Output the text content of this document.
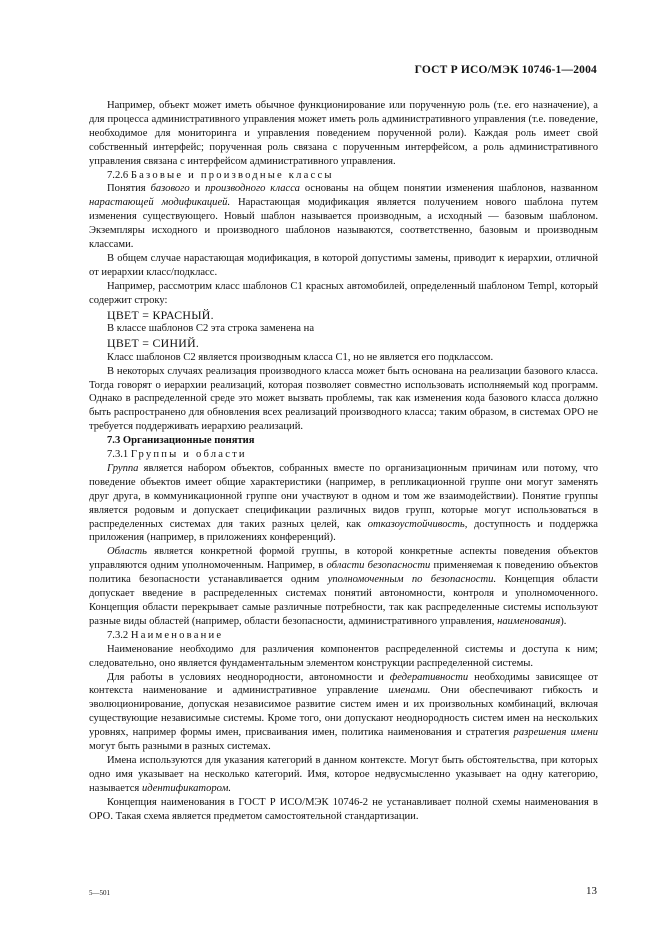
ГОСТ Р ИСО/МЭК 10746-1—2004

Например, объект может иметь обычное функционирование или порученную роль (т.е. его назначение), а для процесса административного управления может иметь роль административного управления (т.е. поведение, необходимое для мониторинга и управления поведением порученной роли). Каждая роль имеет свой собственный интерфейс; порученная роль связана с порученным интерфейсом, а роль административного управления связана с интерфейсом административного управления.

7.2.6 Базовые и производные классы

Понятия базового и производного класса основаны на общем понятии изменения шаблонов, названном нарастающей модификацией. Нарастающая модификация является получением нового шаблона путем изменения существующего. Новый шаблон называется производным, а исходный — базовым шаблоном. Экземпляры исходного и производного шаблонов называются, соответственно, базовым и производным классами.

В общем случае нарастающая модификация, в которой допустимы замены, приводит к иерархии, отличной от иерархии класс/подкласс.

Например, рассмотрим класс шаблонов С1 красных автомобилей, определенный шаблоном Templ, который содержит строку:

ЦВЕТ = КРАСНЫЙ.

В классе шаблонов С2 эта строка заменена на

ЦВЕТ = СИНИЙ.

Класс шаблонов С2 является производным класса С1, но не является его подклассом.

В некоторых случаях реализация производного класса может быть основана на реализации базового класса. Тогда говорят о иерархии реализаций, которая позволяет совместно использовать исполняемый код программ. Однако в распределенной среде это может вызвать проблемы, так как изменения кода базового класса должно быть распространено для обновления всех реализаций производного класса; таким образом, в системах ОРО не требуется поддерживать иерархию реализаций.

7.3 Организационные понятия

7.3.1 Группы и области

Группа является набором объектов, собранных вместе по организационным причинам или потому, что поведение объектов имеет общие характеристики (например, в репликационной группе они могут заменять друг друга, в коммуникационной группе они участвуют в одном и том же взаимодействии). Понятие группы является родовым и допускает спецификации различных видов групп, которые могут использоваться в распределенных системах для таких разных целей, как отказоустойчивость, доступность и поддержка приложения (например, в приложениях конференций).

Область является конкретной формой группы, в которой конкретные аспекты поведения объектов управляются одним уполномоченным. Например, в области безопасности применяемая к поведению объектов политика безопасности устанавливается одним уполномоченным по безопасности. Концепция области допускает введение в распределенных системах понятий автономности, контроля и уполномоченного. Концепция области перекрывает самые различные потребности, так как распределенные системы используют разные виды областей (например, области безопасности, административного управления, наименования).

7.3.2 Наименование

Наименование необходимо для различения компонентов распределенной системы и доступа к ним; следовательно, оно является фундаментальным элементом конструкции распределенной системы.

Для работы в условиях неоднородности, автономности и федеративности необходимы зависящее от контекста наименование и административное управление именами. Они обеспечивают гибкость и эволюционирование, допуская независимое развитие систем имен и их произвольных комбинаций, включая существующие независимые системы. Кроме того, они допускают неоднородность систем имен на нескольких уровнях, например формы имен, присваивания имен, политика наименования и стратегия разрешения имени могут быть разными в разных системах.

Имена используются для указания категорий в данном контексте. Могут быть обстоятельства, при которых одно имя указывает на несколько категорий. Имя, которое недвусмысленно указывает на одну категорию, называется идентификатором.

Концепция наименования в ГОСТ Р ИСО/МЭК 10746-2 не устанавливает полной схемы наименования в ОРО. Такая схема является предметом самостоятельной стандартизации.

5—501	13
